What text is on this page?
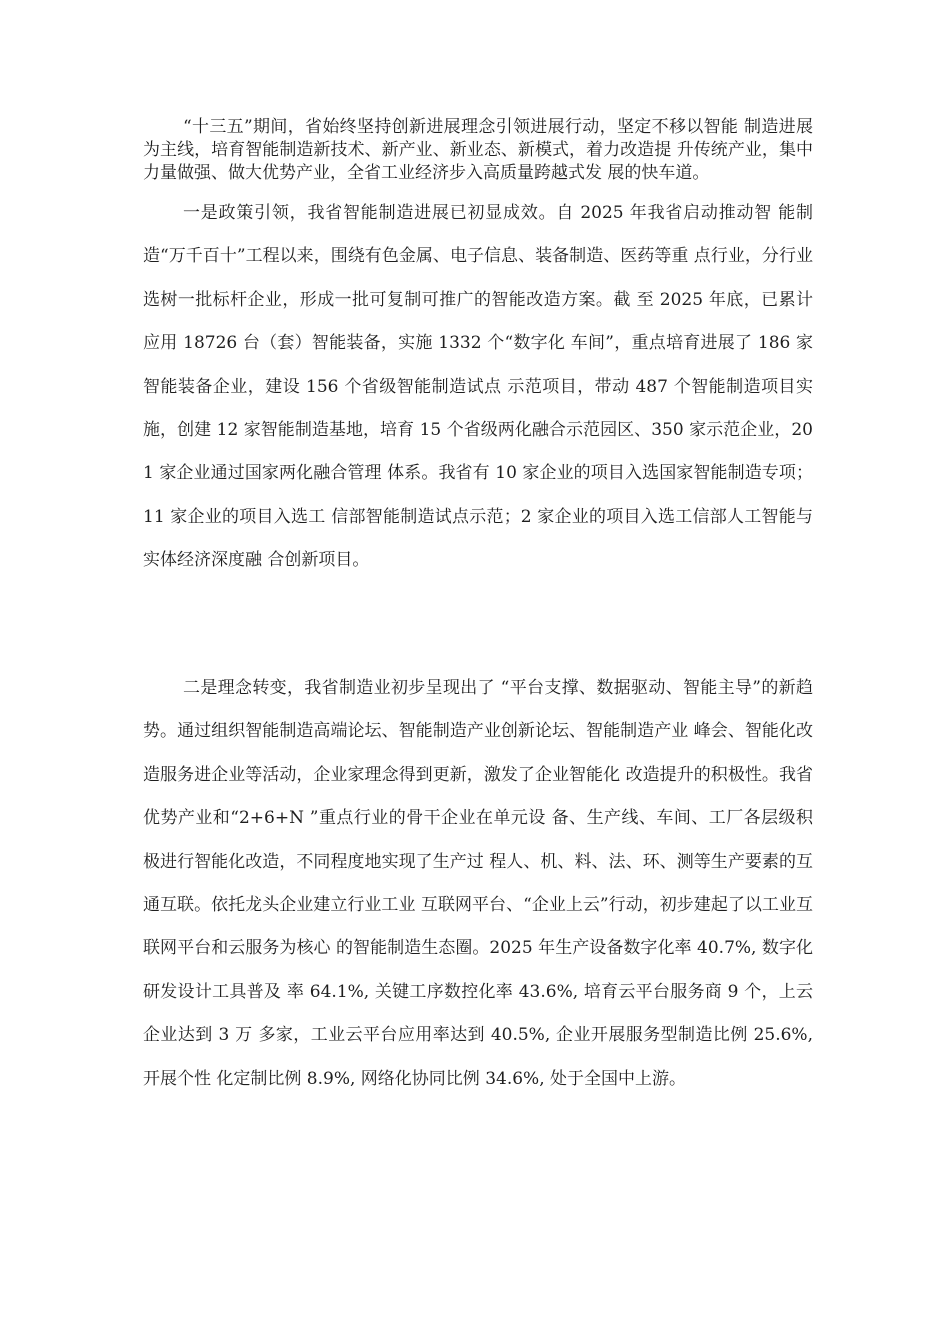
“十三五”期间，省始终坚持创新进展理念引领进展行动，坚定不移以智能 制造进展为主线，培育智能制造新技术、新产业、新业态、新模式，着力改造提 升传统产业，集中力量做强、做大优势产业，全省工业经济步入高质量跨越式发 展的快车道。

一是政策引领，我省智能制造进展已初显成效。自 2025 年我省启动推动智 能制造“万千百十”工程以来，围绕有色金属、电子信息、装备制造、医药等重 点行业，分行业选树一批标杆企业，形成一批可复制可推广的智能改造方案。截 至 2025 年底，已累计应用 18726 台（套）智能装备，实施 1332 个“数字化 车间”，重点培育进展了 186 家智能装备企业，建设 156 个省级智能制造试点 示范项目，带动 487 个智能制造项目实施，创建 12 家智能制造基地，培育 15 个省级两化融合示范园区、350 家示范企业，201 家企业通过国家两化融合管理 体系。我省有 10 家企业的项目入选国家智能制造专项；11 家企业的项目入选工 信部智能制造试点示范；2 家企业的项目入选工信部人工智能与实体经济深度融 合创新项目。

二是理念转变，我省制造业初步呈现出了 “平台支撑、数据驱动、智能主导”的新趋势。通过组织智能制造高端论坛、智能制造产业创新论坛、智能制造产业 峰会、智能化改造服务进企业等活动，企业家理念得到更新，激发了企业智能化 改造提升的积极性。我省优势产业和“2+6+N ”重点行业的骨干企业在单元设 备、生产线、车间、工厂各层级积极进行智能化改造，不同程度地实现了生产过 程人、机、料、法、环、测等生产要素的互通互联。依托龙头企业建立行业工业 互联网平台、“企业上云”行动，初步建起了以工业互联网平台和云服务为核心 的智能制造生态圈。2025 年生产设备数字化率 40.7%, 数字化研发设计工具普及 率 64.1%, 关键工序数控化率 43.6%, 培育云平台服务商 9 个，上云企业达到 3 万 多家，工业云平台应用率达到 40.5%, 企业开展服务型制造比例 25.6%, 开展个性 化定制比例 8.9%, 网络化协同比例 34.6%, 处于全国中上游。
